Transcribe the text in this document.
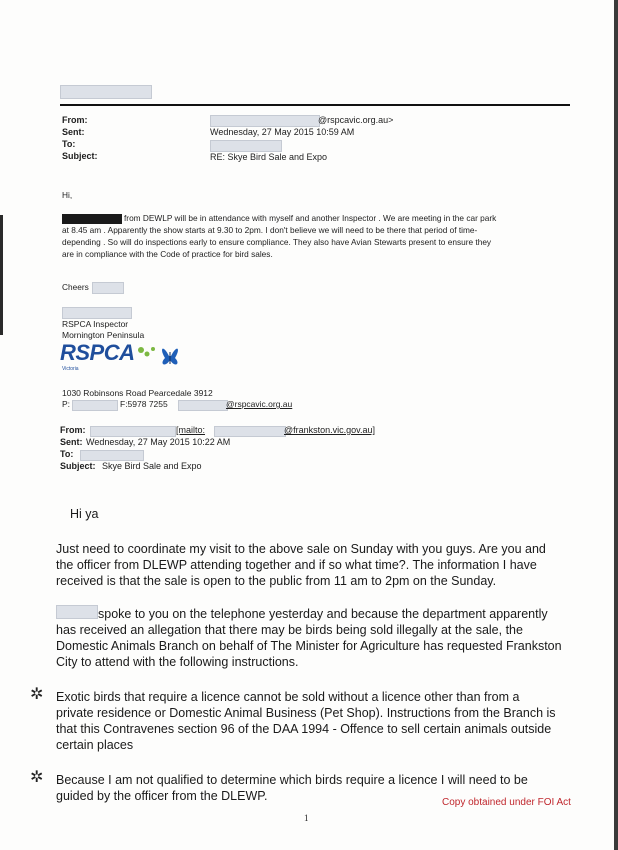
From:	@rspcavic.org.au>
Sent:	Wednesday, 27 May 2015 10:59 AM
To:
Subject:	RE: Skye Bird Sale and Expo
Hi,
from DEWLP will be in attendance with myself and another Inspector . We are meeting in the car park
at 8.45 am . Apparently the show starts at 9.30 to 2pm. I don't believe we will need to be there that period of time-
depending . So will do inspections early to ensure compliance. They also have Avian Stewarts present to ensure they
are in compliance with the Code of practice for bird sales.
Cheers
RSPCA Inspector
Mornington Peninsula
RSPCA
Victoria
1030 Robinsons Road Pearcedale 3912
P:	F:5978 7255	@rspcavic.org.au
From:	[mailto:	@frankston.vic.gov.au]
Sent: Wednesday, 27 May 2015 10:22 AM
To:
Subject: Skye Bird Sale and Expo
Hi ya
Just need to coordinate my visit to the above sale on Sunday with you guys. Are you and
the officer from DLEWP attending together and if so what time?. The information I have
received is that the sale is open to the public from 11 am to 2pm on the Sunday.
spoke to you on the telephone yesterday and because the department apparently
has received an allegation that there may be birds being sold illegally at the sale, the
Domestic Animals Branch on behalf of The Minister for Agriculture has requested Frankston
City to attend with the following instructions.
✲ Exotic birds that require a licence cannot be sold without a licence other than from a
private residence or Domestic Animal Business (Pet Shop). Instructions from the Branch is
that this Contravenes section 96 of the DAA 1994 - Offence to sell certain animals outside
certain places
✲ Because I am not qualified to determine which birds require a licence I will need to be
guided by the officer from the DLEWP.	Copy obtained under FOI Act
1
